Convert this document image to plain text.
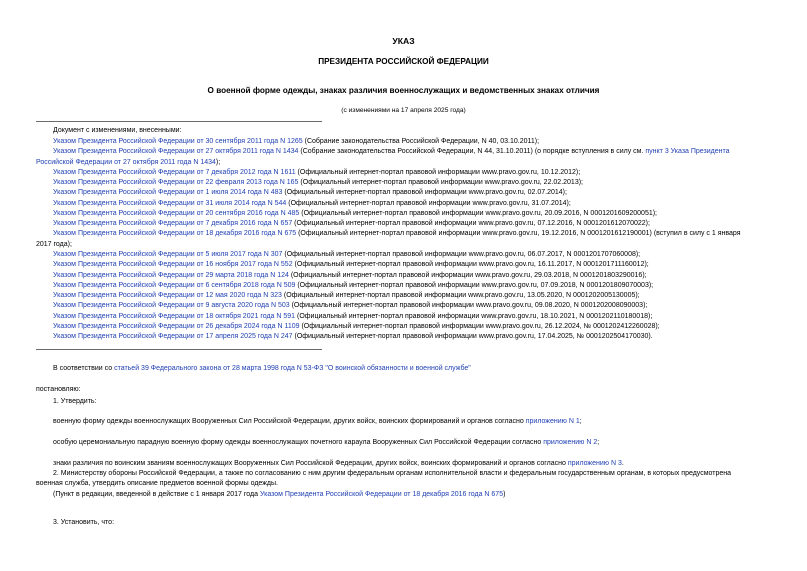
УКАЗ
ПРЕЗИДЕНТА РОССИЙСКОЙ ФЕДЕРАЦИИ
О военной форме одежды, знаках различия военнослужащих и ведомственных знаках отличия
(с изменениями на 17 апреля 2025 года)
Документ с изменениями, внесенными:
Указом Президента Российской Федерации от 30 сентября 2011 года N 1265 (Собрание законодательства Российской Федерации, N 40, 03.10.2011);
Указом Президента Российской Федерации от 27 октября 2011 года N 1434 (Собрание законодательства Российской Федерации, N 44, 31.10.2011) (о порядке вступления в силу см. пункт 3 Указа Президента
Российской Федерации от 27 октября 2011 года N 1434);
Указом Президента Российской Федерации от 7 декабря 2012 года N 1611 (Официальный интернет-портал правовой информации www.pravo.gov.ru, 10.12.2012);
Указом Президента Российской Федерации от 22 февраля 2013 года N 165 (Официальный интернет-портал правовой информации www.pravo.gov.ru, 22.02.2013);
Указом Президента Российской Федерации от 1 июля 2014 года N 483 (Официальный интернет-портал правовой информации www.pravo.gov.ru, 02.07.2014);
Указом Президента Российской Федерации от 31 июля 2014 года N 544 (Официальный интернет-портал правовой информации www.pravo.gov.ru, 31.07.2014);
Указом Президента Российской Федерации от 20 сентября 2016 года N 485 (Официальный интернет-портал правовой информации www.pravo.gov.ru, 20.09.2016, N 0001201609200051);
Указом Президента Российской Федерации от 7 декабря 2016 года N 657 (Официальный интернет-портал правовой информации www.pravo.gov.ru, 07.12.2016, N 0001201612070022);
Указом Президента Российской Федерации от 18 декабря 2016 года N 675 (Официальный интернет-портал правовой информации www.pravo.gov.ru, 19.12.2016, N 0001201612190001) (вступил в силу с 1 января
2017 года);
Указом Президента Российской Федерации от 5 июля 2017 года N 307 (Официальный интернет-портал правовой информации www.pravo.gov.ru, 06.07.2017, N 0001201707060008);
Указом Президента Российской Федерации от 16 ноября 2017 года N 552 (Официальный интернет-портал правовой информации www.pravo.gov.ru, 16.11.2017, N 0001201711160012);
Указом Президента Российской Федерации от 29 марта 2018 года N 124 (Официальный интернет-портал правовой информации www.pravo.gov.ru, 29.03.2018, N 0001201803290016);
Указом Президента Российской Федерации от 6 сентября 2018 года N 509 (Официальный интернет-портал правовой информации www.pravo.gov.ru, 07.09.2018, N 0001201809070003);
Указом Президента Российской Федерации от 12 мая 2020 года N 323 (Официальный интернет-портал правовой информации www.pravo.gov.ru, 13.05.2020, N 0001202005130005);
Указом Президента Российской Федерации от 9 августа 2020 года N 503 (Официальный интернет-портал правовой информации www.pravo.gov.ru, 09.08.2020, N 0001202008090003);
Указом Президента Российской Федерации от 18 октября 2021 года N 591 (Официальный интернет-портал правовой информации www.pravo.gov.ru, 18.10.2021, N 0001202110180018);
Указом Президента Российской Федерации от 26 декабря 2024 года N 1109 (Официальный интернет-портал правовой информации www.pravo.gov.ru, 26.12.2024, № 0001202412260028);
Указом Президента Российской Федерации от 17 апреля 2025 года N 247 (Официальный интернет-портал правовой информации www.pravo.gov.ru, 17.04.2025, № 0001202504170030).
В соответствии со статьей 39 Федерального закона от 28 марта 1998 года N 53-ФЗ "О воинской обязанности и военной службе"
постановляю:
1. Утвердить:
военную форму одежды военнослужащих Вооруженных Сил Российской Федерации, других войск, воинских формирований и органов согласно приложению N 1;
особую церемониальную парадную военную форму одежды военнослужащих почетного караула Вооруженных Сил Российской Федерации согласно приложению N 2;
знаки различия по воинским званиям военнослужащих Вооруженных Сил Российской Федерации, других войск, воинских формирований и органов согласно приложению N 3.
2. Министерству обороны Российской Федерации, а также по согласованию с ним другим федеральным органам исполнительной власти и федеральным государственным органам, в которых предусмотрена
военная служба, утвердить описание предметов военной формы одежды.
(Пункт в редакции, введенной в действие с 1 января 2017 года Указом Президента Российской Федерации от 18 декабря 2016 года N 675)
3. Установить, что:
